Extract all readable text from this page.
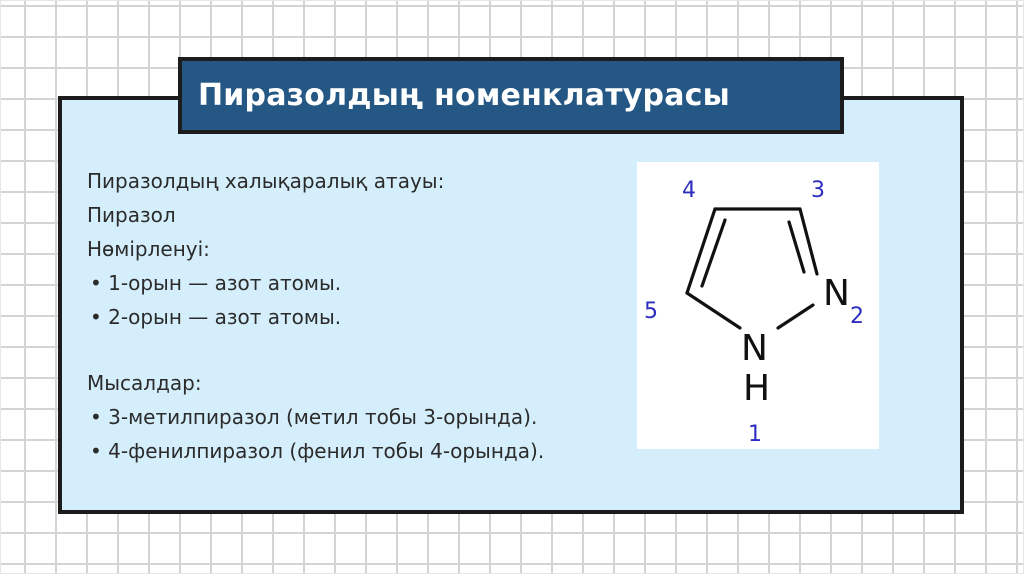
Пиразолдың номенклатурасы
Пиразолдың халықаралық атауы:
Пиразол
Нөмірленуі:
• 1-орын — азот атомы.
• 2-орын — азот атомы.
Мысалдар:
• 3-метилпиразол (метил тобы 3-орында).
• 4-фенилпиразол (фенил тобы 4-орында).
N
N
H
4	3
5	2
1
